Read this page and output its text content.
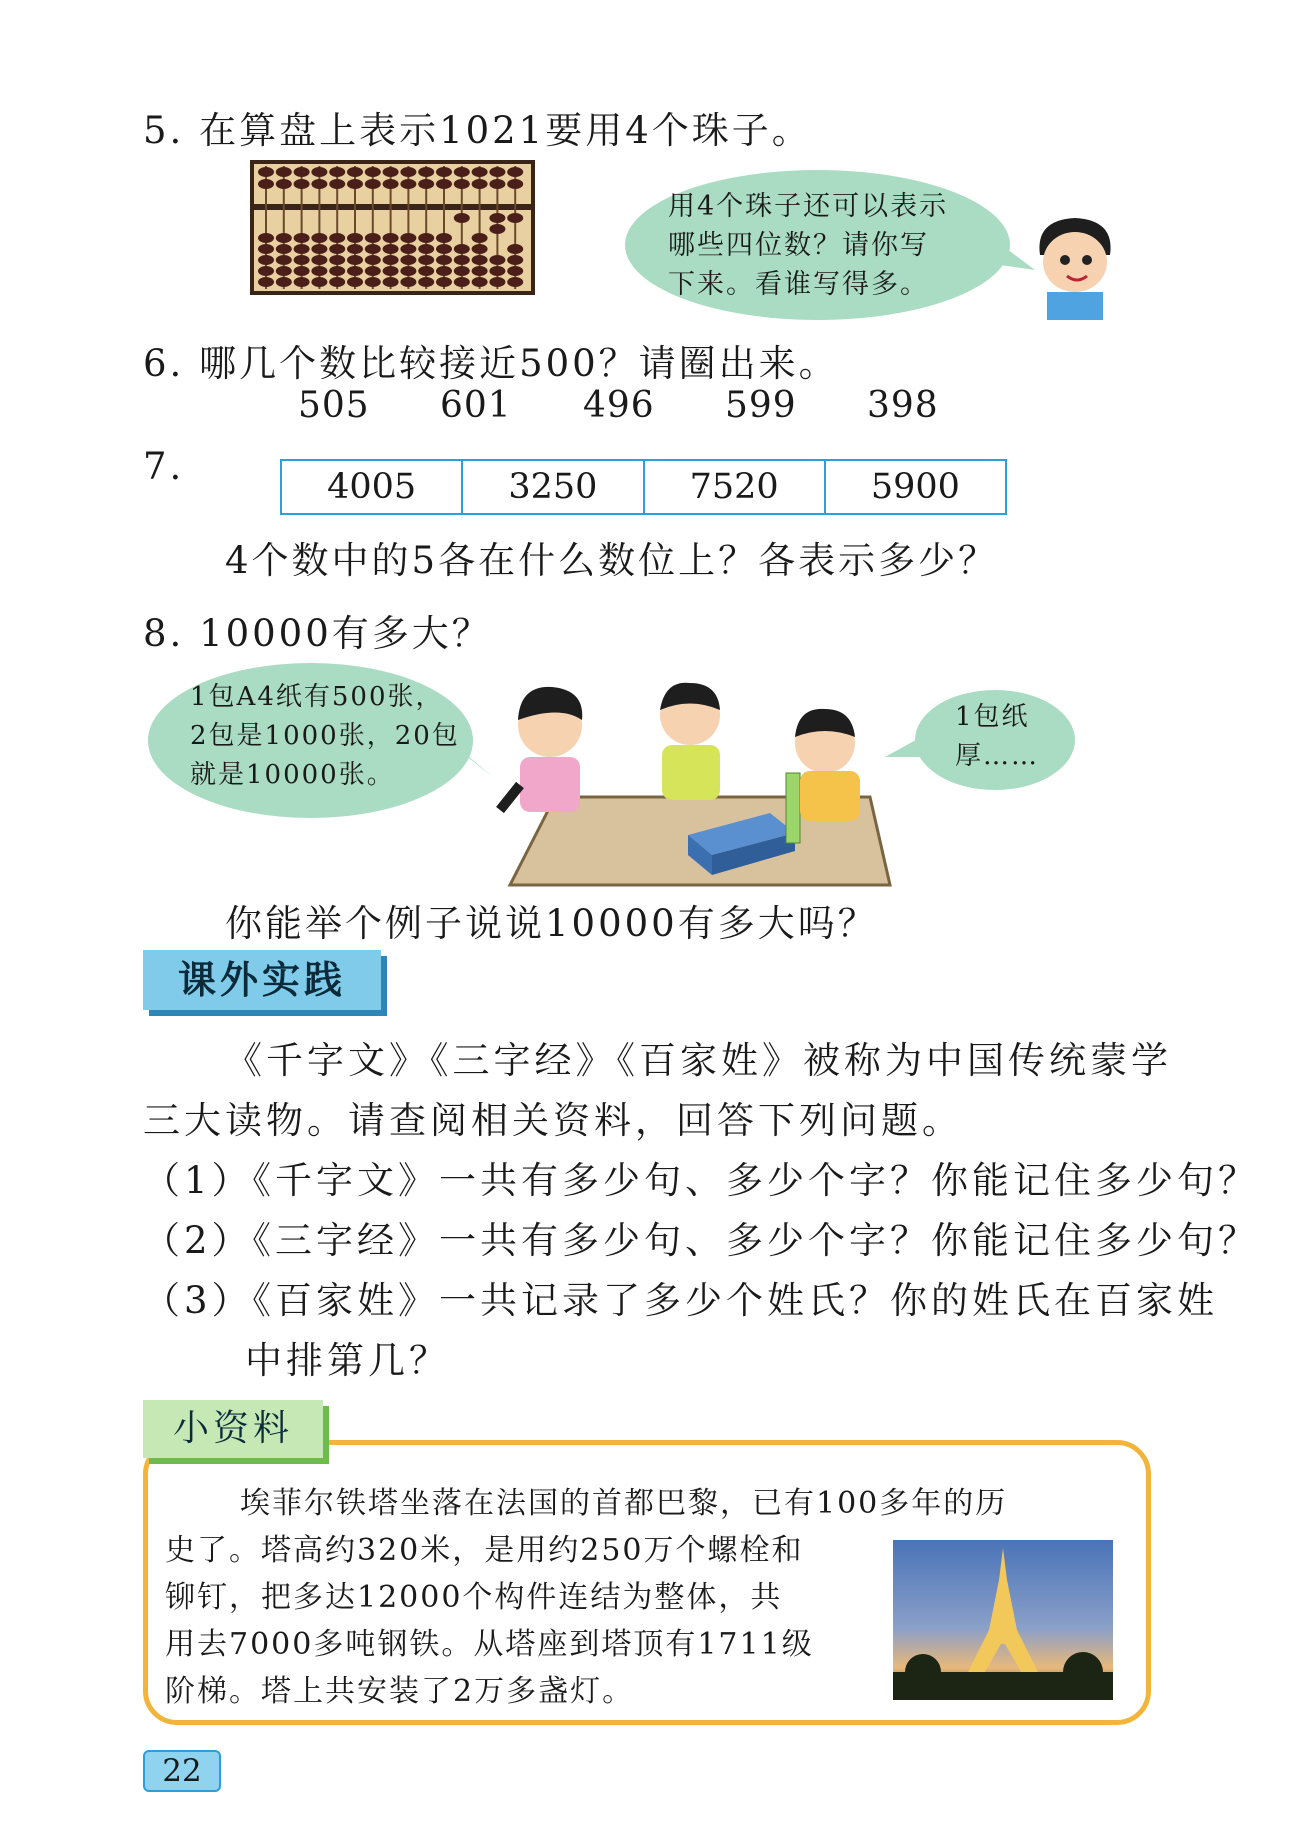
5. 在算盘上表示1021要用4个珠子。
用4个珠子还可以表示
哪些四位数？请你写
下来。看谁写得多。
6. 哪几个数比较接近500？请圈出来。
505 601 496 599 398
7.	4005	3250	7520	5900
4个数中的5各在什么数位上？各表示多少？
8. 10000有多大？
1包A4纸有500张，
2包是1000张，20包
就是10000张。
1包纸
厚……
你能举个例子说说10000有多大吗？
课外实践
《千字文》《三字经》《百家姓》被称为中国传统蒙学
三大读物。请查阅相关资料，回答下列问题。
（1）《千字文》一共有多少句、多少个字？你能记住多少句？
（2）《三字经》一共有多少句、多少个字？你能记住多少句？
（3）《百家姓》一共记录了多少个姓氏？你的姓氏在百家姓
中排第几？
小资料
埃菲尔铁塔坐落在法国的首都巴黎，已有100多年的历
史了。塔高约320米，是用约250万个螺栓和
铆钉，把多达12000个构件连结为整体，共
用去7000多吨钢铁。从塔座到塔顶有1711级
阶梯。塔上共安装了2万多盏灯。
22
